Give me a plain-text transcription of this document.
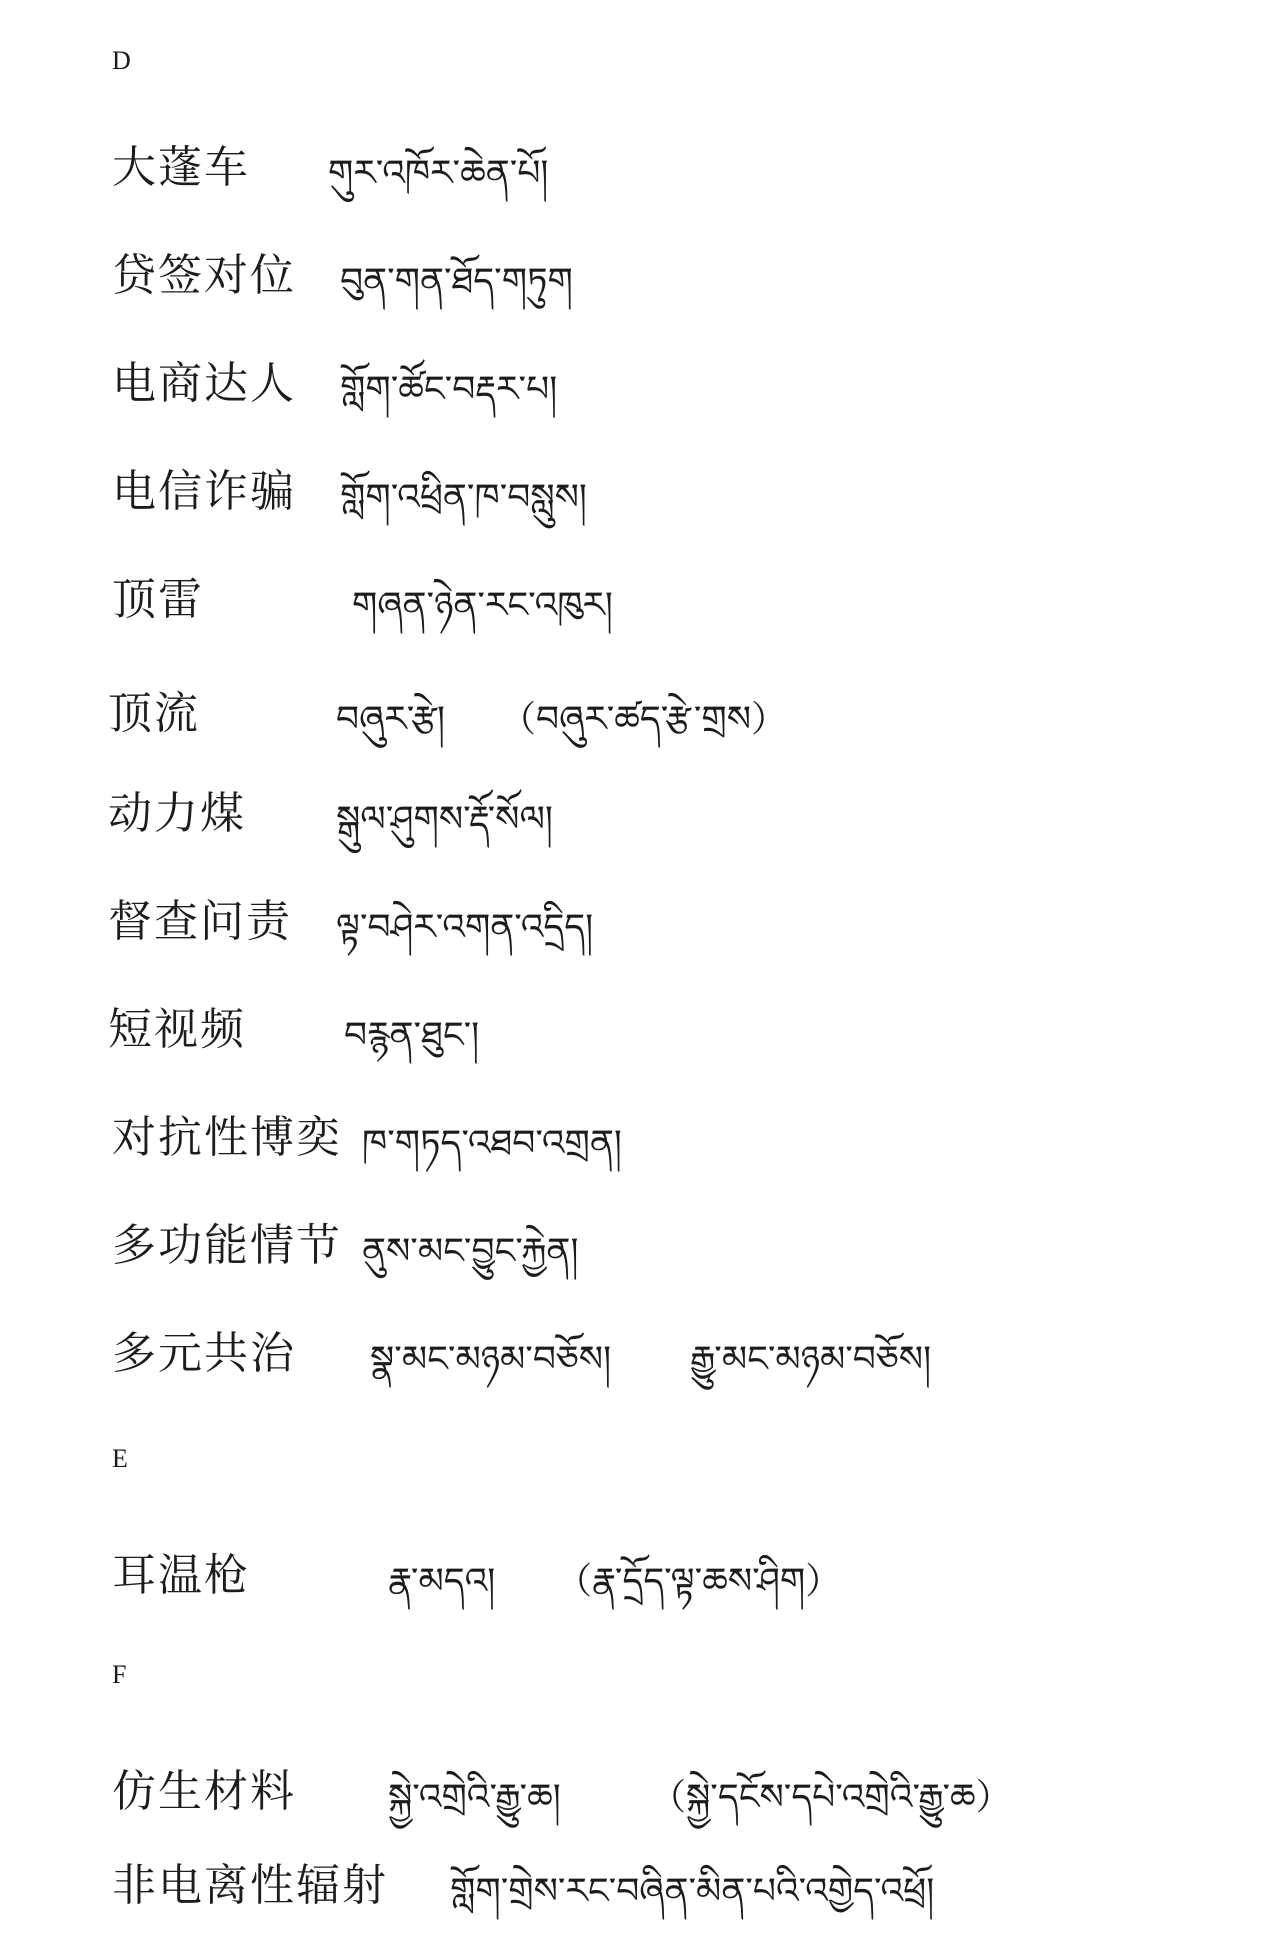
D
大蓬车 གུར་འཁོར་ཆེན་པོ།
贷签对位 བུན་གན་ཐོད་གཏུག
电商达人 གློག་ཚོང་བརྡར་པ།
电信诈骗 གློག་འཕྲིན་ཁ་བསླུས།
顶雷	གཞན་ཉེན་རང་འཁུར།
顶流	བཞུར་རྩེ། （བཞུར་ཚད་རྩེ་གྲས）
动力煤	སྒུལ་ཤུགས་རྡོ་སོལ།
督查问责 ལྟ་བཤེར་འགན་འདྲིད།
短视频	བརྙན་ཐུང་།
对抗性博奕 ཁ་གཏད་འཐབ་འགྲན།
多功能情节 ནུས་མང་བྱུང་རྐྱེན།
多元共治 སྣ་མང་མཉམ་བཅོས། རྒྱུ་མང་མཉམ་བཅོས།
E
耳温枪	རྣ་མདའ། （རྣ་དྲོད་ལྟ་ཆས་ཤིག）
F
仿生材料	སྐྱེ་འགྲེའི་རྒྱུ་ཆ། （སྐྱེ་དངོས་དཔེ་འགྲེའི་རྒྱུ་ཆ）
非电离性辐射 གློག་གྲེས་རང་བཞིན་མིན་པའི་འགྱེད་འཕྲོ།
